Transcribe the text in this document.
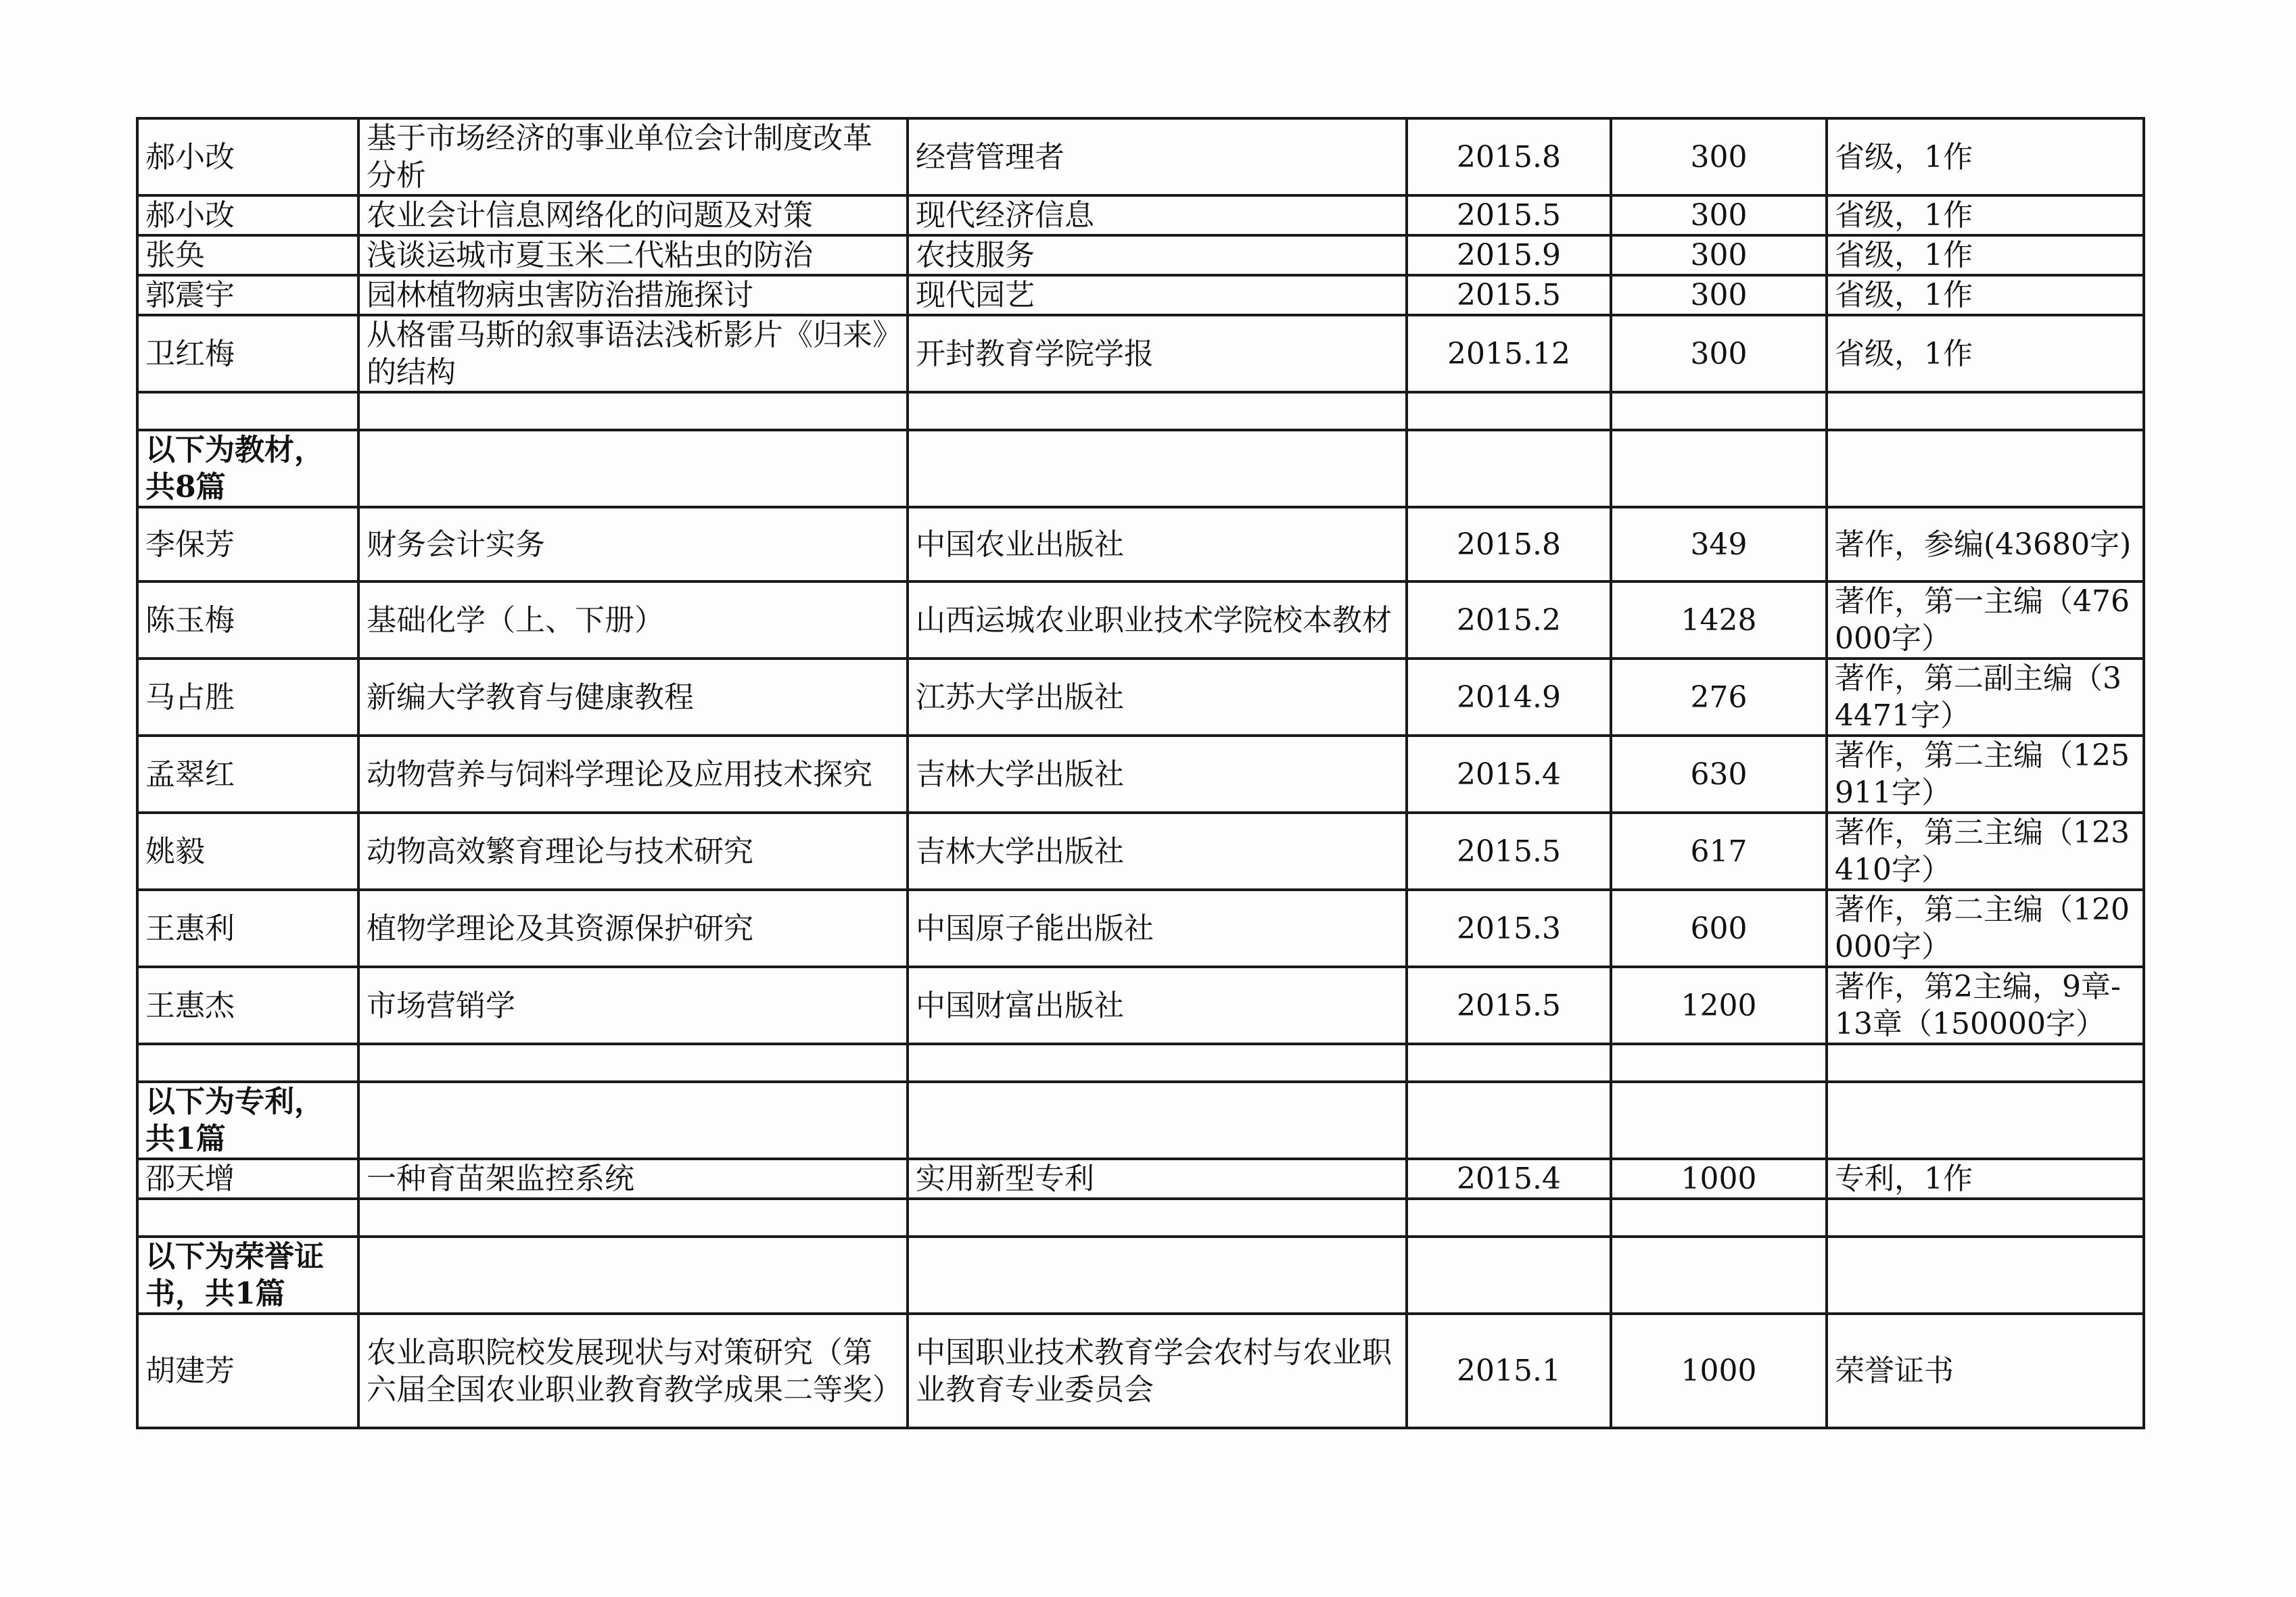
郝小改	基于市场经济的事业单位会计制度改革分析	经营管理者	2015.8	300	省级，1作
郝小改	农业会计信息网络化的问题及对策	现代经济信息	2015.5	300	省级，1作
张奂	浅谈运城市夏玉米二代粘虫的防治	农技服务	2015.9	300	省级，1作
郭震宇	园林植物病虫害防治措施探讨	现代园艺	2015.5	300	省级，1作
卫红梅	从格雷马斯的叙事语法浅析影片《归来》的结构	开封教育学院学报	2015.12	300	省级，1作

以下为教材，共8篇					
李保芳	财务会计实务	中国农业出版社	2015.8	349	著作，参编(43680字)
陈玉梅	基础化学（上、下册）	山西运城农业职业技术学院校本教材	2015.2	1428	著作，第一主编（476000字）
马占胜	新编大学教育与健康教程	江苏大学出版社	2014.9	276	著作，第二副主编（34471字）
孟翠红	动物营养与饲料学理论及应用技术探究	吉林大学出版社	2015.4	630	著作，第二主编（125911字）
姚毅	动物高效繁育理论与技术研究	吉林大学出版社	2015.5	617	著作，第三主编（123410字）
王惠利	植物学理论及其资源保护研究	中国原子能出版社	2015.3	600	著作，第二主编（120000字）
王惠杰	市场营销学	中国财富出版社	2015.5	1200	著作，第2主编，9章-13章（150000字）

以下为专利，共1篇					
邵天增	一种育苗架监控系统	实用新型专利	2015.4	1000	专利，1作

以下为荣誉证书，共1篇					
胡建芳	农业高职院校发展现状与对策研究（第六届全国农业职业教育教学成果二等奖）	中国职业技术教育学会农村与农业职业教育专业委员会	2015.1	1000	荣誉证书
